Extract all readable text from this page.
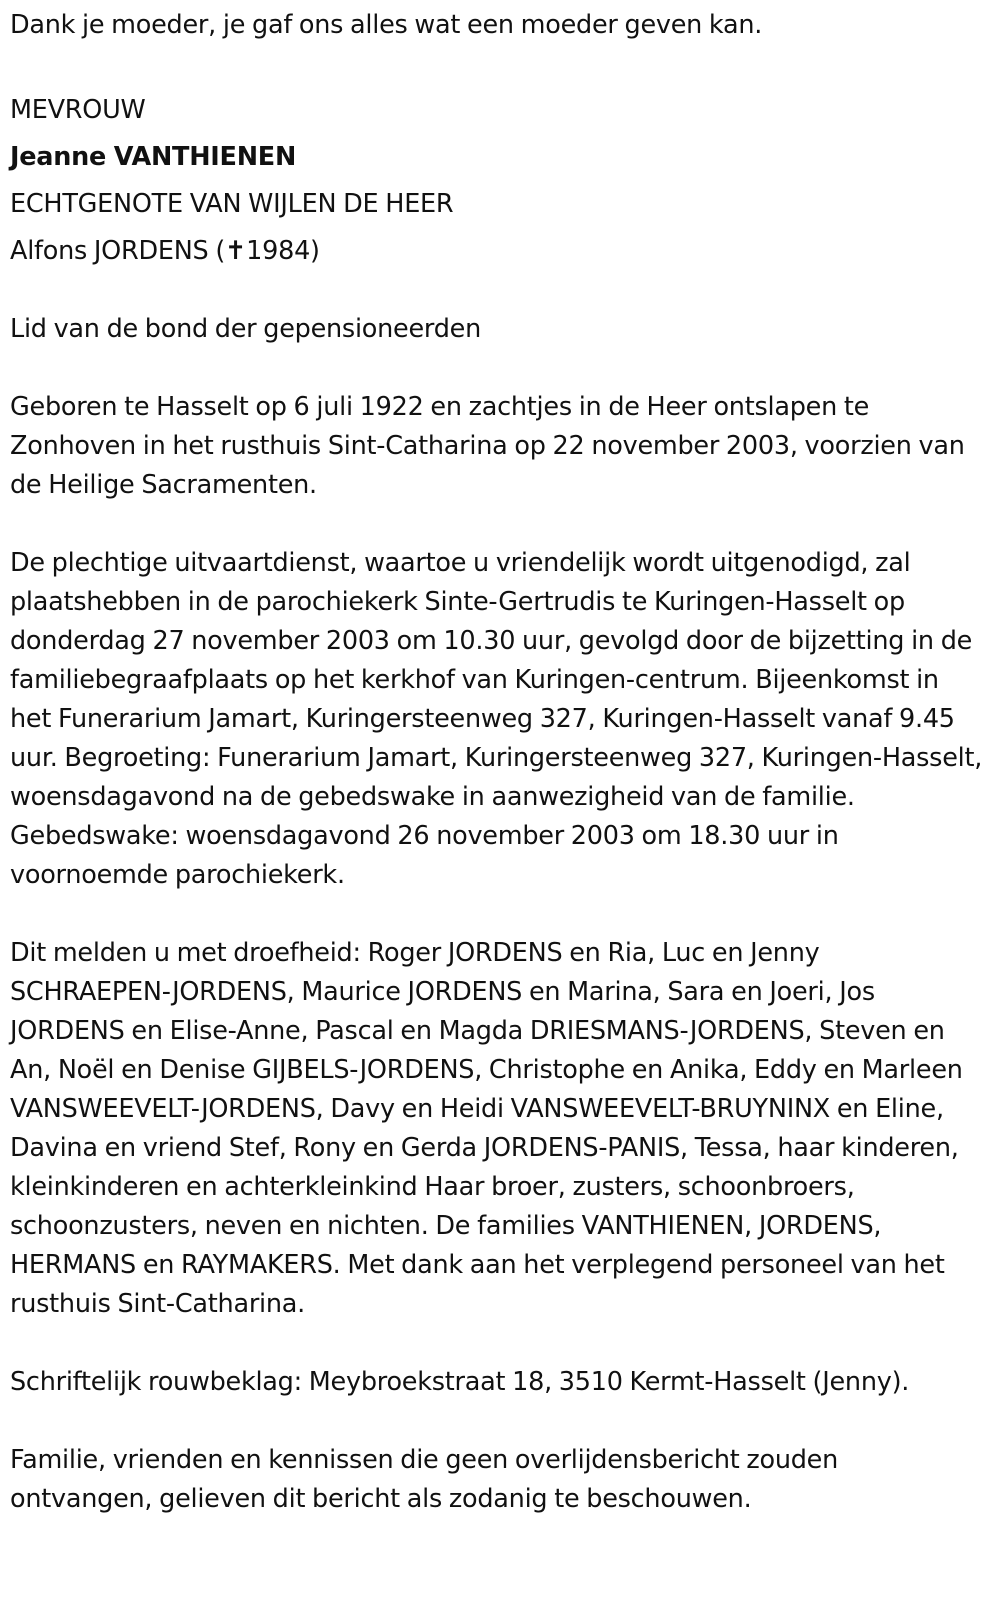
Dank je moeder, je gaf ons alles wat een moeder geven kan.

MEVROUW

Jeanne VANTHIENEN

ECHTGENOTE VAN WIJLEN DE HEER

Alfons JORDENS (✝1984)

Lid van de bond der gepensioneerden

Geboren te Hasselt op 6 juli 1922 en zachtjes in de Heer ontslapen te Zonhoven in het rusthuis Sint-Catharina op 22 november 2003, voorzien van de Heilige Sacramenten.

De plechtige uitvaartdienst, waartoe u vriendelijk wordt uitgenodigd, zal plaatshebben in de parochiekerk Sinte-Gertrudis te Kuringen-Hasselt op donderdag 27 november 2003 om 10.30 uur, gevolgd door de bijzetting in de familiebegraafplaats op het kerkhof van Kuringen-centrum. Bijeenkomst in het Funerarium Jamart, Kuringersteenweg 327, Kuringen-Hasselt vanaf 9.45 uur. Begroeting: Funerarium Jamart, Kuringersteenweg 327, Kuringen-Hasselt, woensdagavond na de gebedswake in aanwezigheid van de familie. Gebedswake: woensdagavond 26 november 2003 om 18.30 uur in voornoemde parochiekerk.

Dit melden u met droefheid: Roger JORDENS en Ria, Luc en Jenny SCHRAEPEN-JORDENS, Maurice JORDENS en Marina, Sara en Joeri, Jos JORDENS en Elise-Anne, Pascal en Magda DRIESMANS-JORDENS, Steven en An, Noël en Denise GIJBELS-JORDENS, Christophe en Anika, Eddy en Marleen VANSWEEVELT-JORDENS, Davy en Heidi VANSWEEVELT-BRUYNINX en Eline, Davina en vriend Stef, Rony en Gerda JORDENS-PANIS, Tessa, haar kinderen, kleinkinderen en achterkleinkind Haar broer, zusters, schoonbroers, schoonzusters, neven en nichten. De families VANTHIENEN, JORDENS, HERMANS en RAYMAKERS. Met dank aan het verplegend personeel van het rusthuis Sint-Catharina.

Schriftelijk rouwbeklag: Meybroekstraat 18, 3510 Kermt-Hasselt (Jenny).

Familie, vrienden en kennissen die geen overlijdensbericht zouden ontvangen, gelieven dit bericht als zodanig te beschouwen.
